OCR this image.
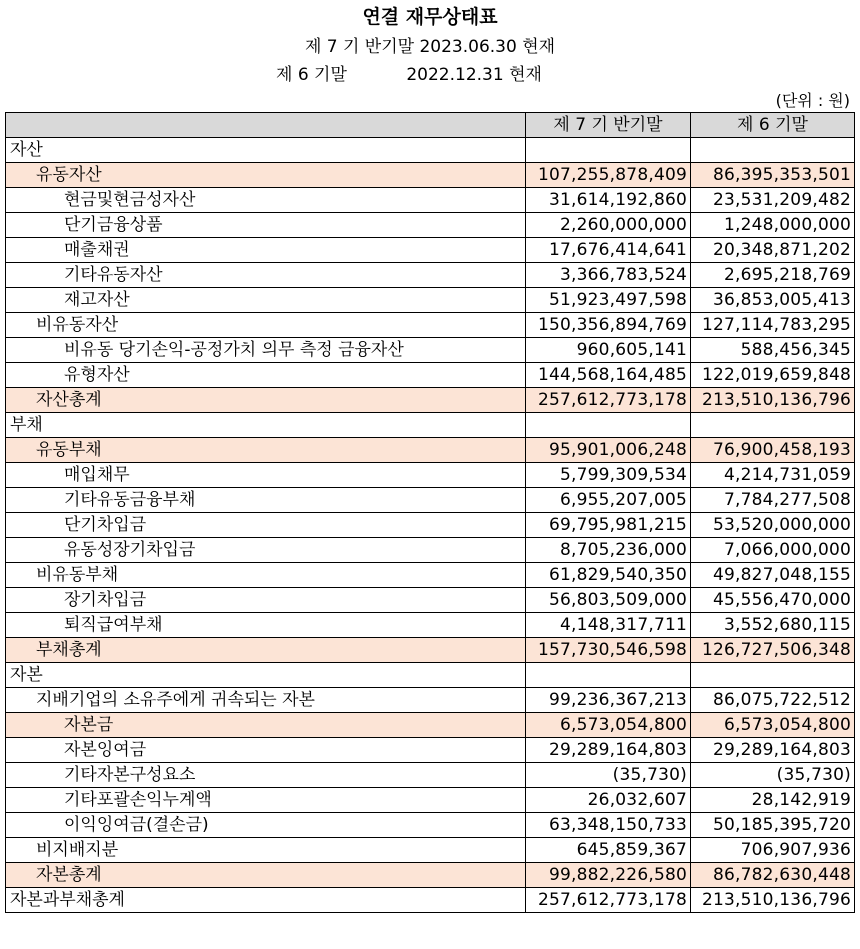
연결 재무상태표
제 7 기 반기말 2023.06.30 현재
제 6 기말           2022.12.31 현재
(단위 : 원)
	제 7 기 반기말	제 6 기말
자산		
유동자산	107,255,878,409	86,395,353,501
현금및현금성자산	31,614,192,860	23,531,209,482
단기금융상품	2,260,000,000	1,248,000,000
매출채권	17,676,414,641	20,348,871,202
기타유동자산	3,366,783,524	2,695,218,769
재고자산	51,923,497,598	36,853,005,413
비유동자산	150,356,894,769	127,114,783,295
비유동 당기손익-공정가치 의무 측정 금융자산	960,605,141	588,456,345
유형자산	144,568,164,485	122,019,659,848
자산총계	257,612,773,178	213,510,136,796
부채		
유동부채	95,901,006,248	76,900,458,193
매입채무	5,799,309,534	4,214,731,059
기타유동금융부채	6,955,207,005	7,784,277,508
단기차입금	69,795,981,215	53,520,000,000
유동성장기차입금	8,705,236,000	7,066,000,000
비유동부채	61,829,540,350	49,827,048,155
장기차입금	56,803,509,000	45,556,470,000
퇴직급여부채	4,148,317,711	3,552,680,115
부채총계	157,730,546,598	126,727,506,348
자본		
지배기업의 소유주에게 귀속되는 자본	99,236,367,213	86,075,722,512
자본금	6,573,054,800	6,573,054,800
자본잉여금	29,289,164,803	29,289,164,803
기타자본구성요소	(35,730)	(35,730)
기타포괄손익누계액	26,032,607	28,142,919
이익잉여금(결손금)	63,348,150,733	50,185,395,720
비지배지분	645,859,367	706,907,936
자본총계	99,882,226,580	86,782,630,448
자본과부채총계	257,612,773,178	213,510,136,796
